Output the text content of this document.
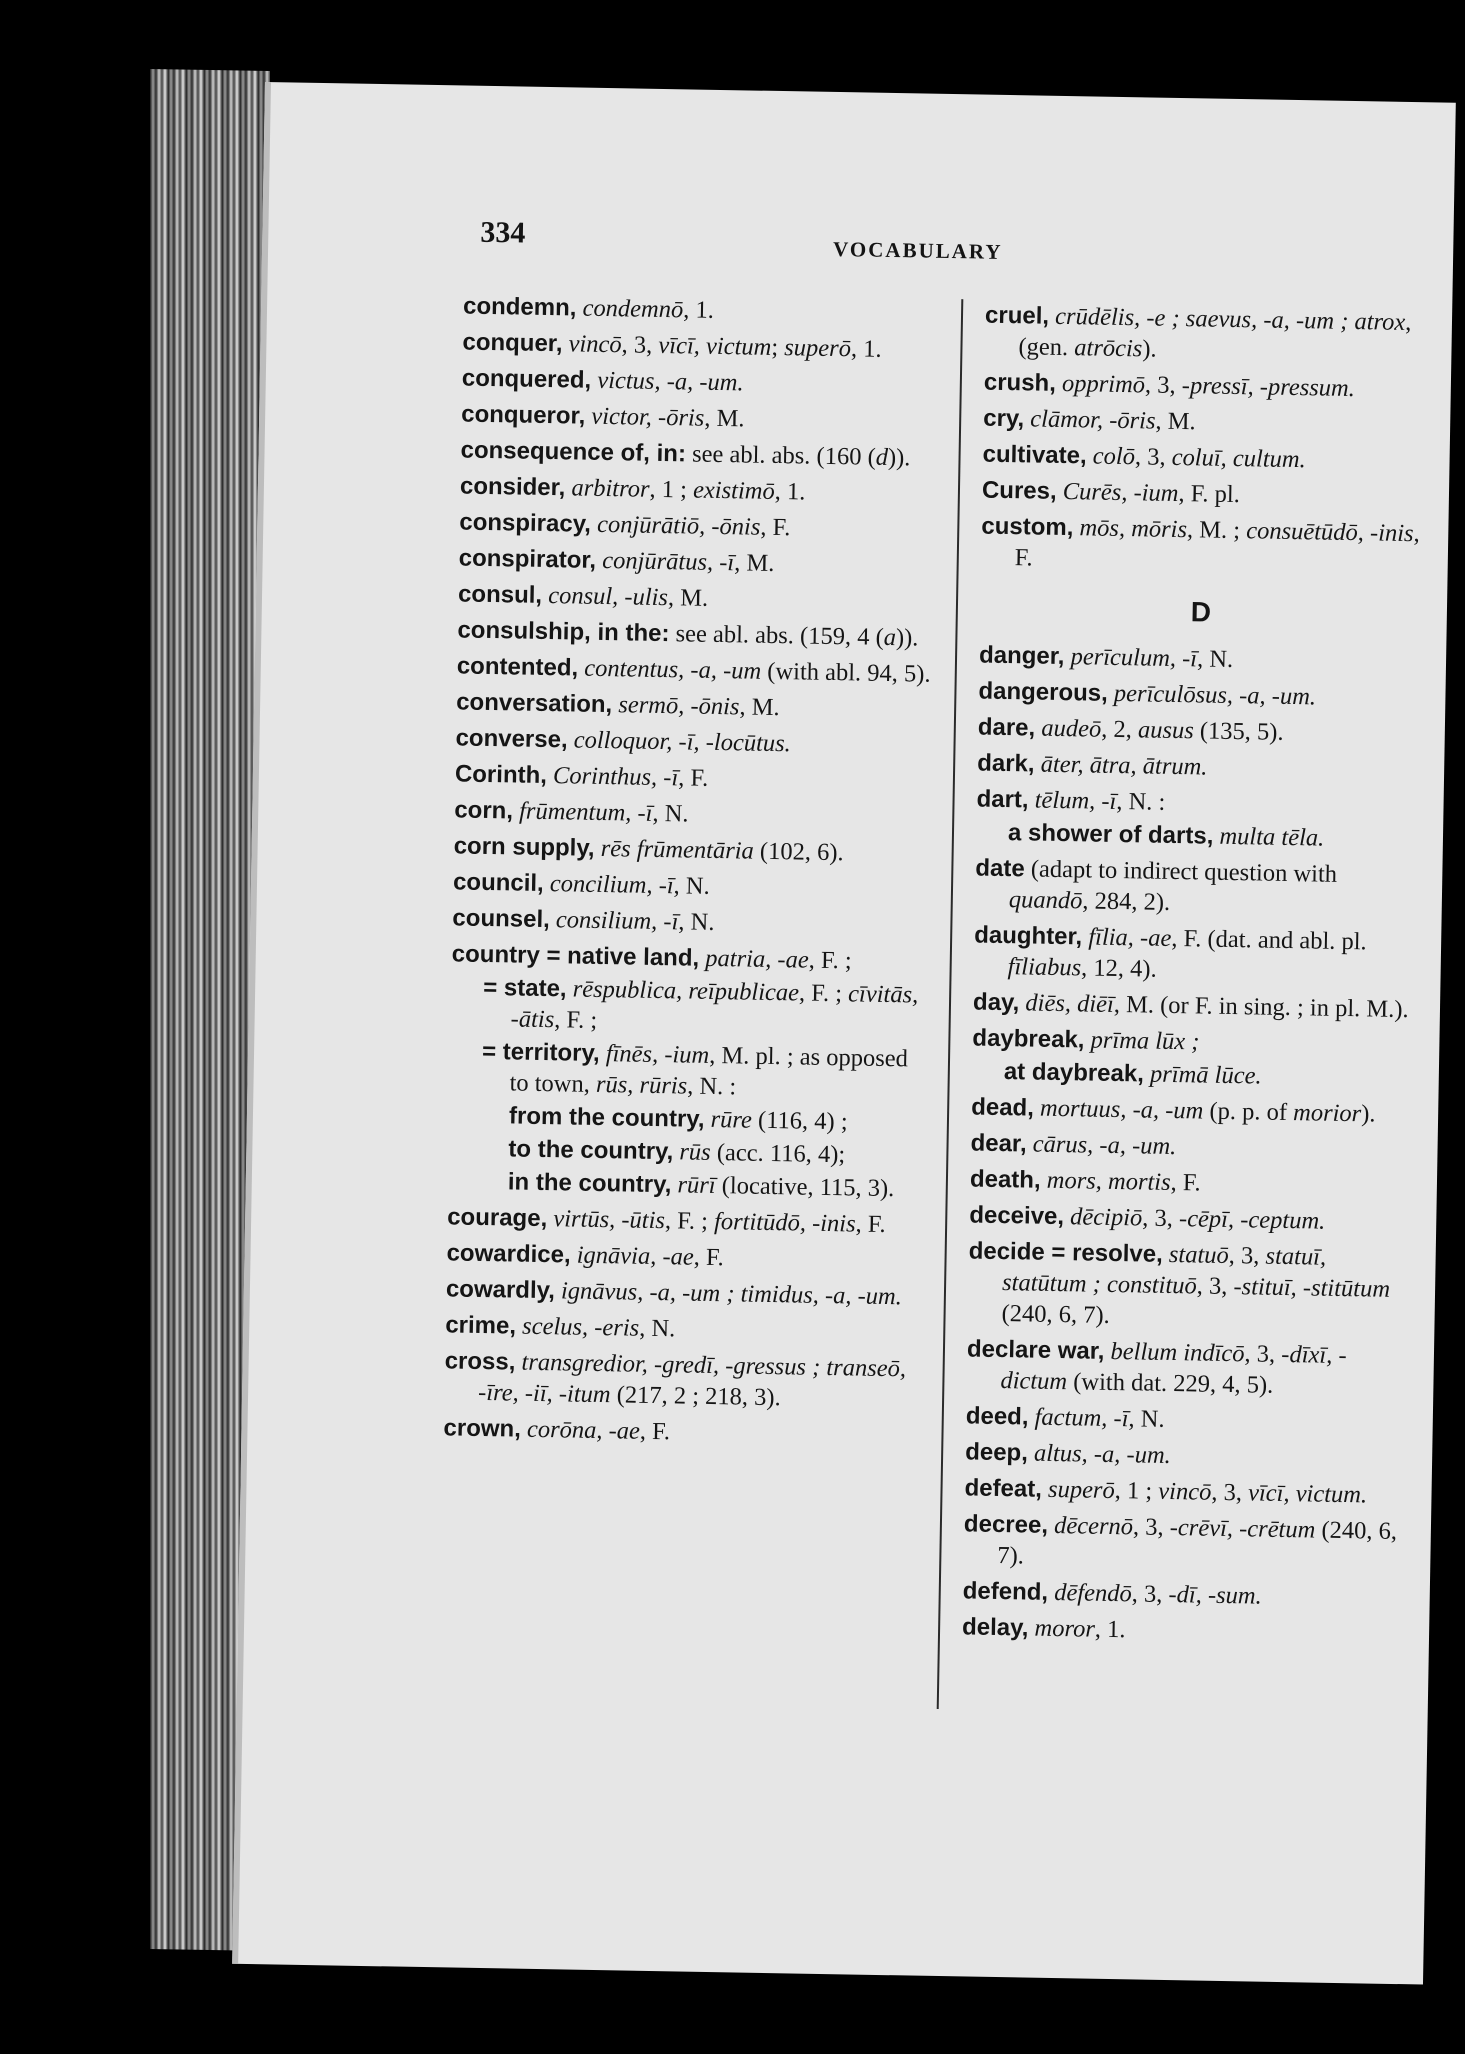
334
VOCABULARY
condemn, condemnō, 1.
conquer, vincō, 3, vīcī, victum; superō, 1.
conquered, victus, -a, -um.
conqueror, victor, -ōris, M.
consequence of, in: see abl. abs. (160 (d)).
consider, arbitror, 1 ; existimō, 1.
conspiracy, conjūrātiō, -ōnis, F.
conspirator, conjūrātus, -ī, M.
consul, consul, -ulis, M.
consulship, in the: see abl. abs. (159, 4 (a)).
contented, contentus, -a, -um (with abl. 94, 5).
conversation, sermō, -ōnis, M.
converse, colloquor, -ī, -locūtus.
Corinth, Corinthus, -ī, F.
corn, frūmentum, -ī, N.
corn supply, rēs frūmentāria (102, 6).
council, concilium, -ī, N.
counsel, consilium, -ī, N.
country = native land, patria, -ae, F. ;
= state, rēspublica, reīpublicae, F. ; cīvitās, -ātis, F. ;
= territory, fīnēs, -ium, M. pl. ; as opposed to town, rūs, rūris, N. :
from the country, rūre (116, 4) ;
to the country, rūs (acc. 116, 4);
in the country, rūrī (locative, 115, 3).
courage, virtūs, -ūtis, F. ; fortitūdō, -inis, F.
cowardice, ignāvia, -ae, F.
cowardly, ignāvus, -a, -um ; timidus, -a, -um.
crime, scelus, -eris, N.
cross, transgredior, -gredī, -gressus ; transeō, -īre, -iī, -itum (217, 2 ; 218, 3).
crown, corōna, -ae, F.
cruel, crūdēlis, -e ; saevus, -a, -um ; atrox, (gen. atrōcis).
crush, opprimō, 3, -pressī, -pressum.
cry, clāmor, -ōris, M.
cultivate, colō, 3, coluī, cultum.
Cures, Curēs, -ium, F. pl.
custom, mōs, mōris, M. ; consuētūdō, -inis, F.
D
danger, perīculum, -ī, N.
dangerous, perīculōsus, -a, -um.
dare, audeō, 2, ausus (135, 5).
dark, āter, ātra, ātrum.
dart, tēlum, -ī, N. :
a shower of darts, multa tēla.
date (adapt to indirect question with quandō, 284, 2).
daughter, fīlia, -ae, F. (dat. and abl. pl. fīliabus, 12, 4).
day, diēs, diēī, M. (or F. in sing. ; in pl. M.).
daybreak, prīma lūx ;
at daybreak, prīmā lūce.
dead, mortuus, -a, -um (p. p. of morior).
dear, cārus, -a, -um.
death, mors, mortis, F.
deceive, dēcipiō, 3, -cēpī, -ceptum.
decide = resolve, statuō, 3, statuī, statūtum ; constituō, 3, -stituī, -stitūtum (240, 6, 7).
declare war, bellum indīcō, 3, -dīxī, -dictum (with dat. 229, 4, 5).
deed, factum, -ī, N.
deep, altus, -a, -um.
defeat, superō, 1 ; vincō, 3, vīcī, victum.
decree, dēcernō, 3, -crēvī, -crētum (240, 6, 7).
defend, dēfendō, 3, -dī, -sum.
delay, moror, 1.
